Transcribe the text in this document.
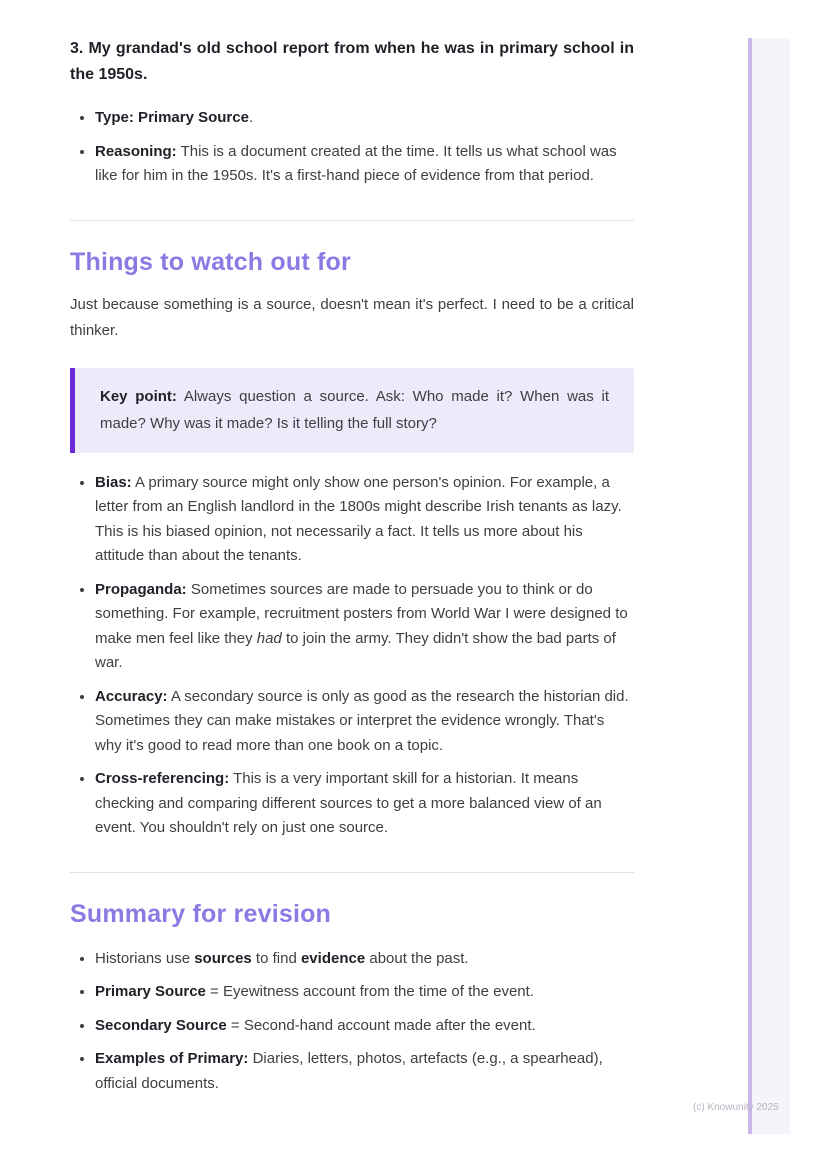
3. My grandad's old school report from when he was in primary school in the 1950s.
• Type: Primary Source.
• Reasoning: This is a document created at the time. It tells us what school was like for him in the 1950s. It's a first-hand piece of evidence from that period.
Things to watch out for

Just because something is a source, doesn't mean it's perfect. I need to be a critical thinker.

Key point: Always question a source. Ask: Who made it? When was it made? Why was it made? Is it telling the full story?
• Bias: A primary source might only show one person's opinion. For example, a letter from an English landlord in the 1800s might describe Irish tenants as lazy. This is his biased opinion, not necessarily a fact. It tells us more about his attitude than about the tenants.
• Propaganda: Sometimes sources are made to persuade you to think or do something. For example, recruitment posters from World War I were designed to make men feel like they had to join the army. They didn't show the bad parts of war.
• Accuracy: A secondary source is only as good as the research the historian did. Sometimes they can make mistakes or interpret the evidence wrongly. That's why it's good to read more than one book on a topic.
• Cross-referencing: This is a very important skill for a historian. It means checking and comparing different sources to get a more balanced view of an event. You shouldn't rely on just one source.
Summary for revision
• Historians use sources to find evidence about the past.
• Primary Source = Eyewitness account from the time of the event.
• Secondary Source = Second-hand account made after the event.
• Examples of Primary: Diaries, letters, photos, artefacts (e.g., a spearhead), official documents.
(c) Knowunity 2025
